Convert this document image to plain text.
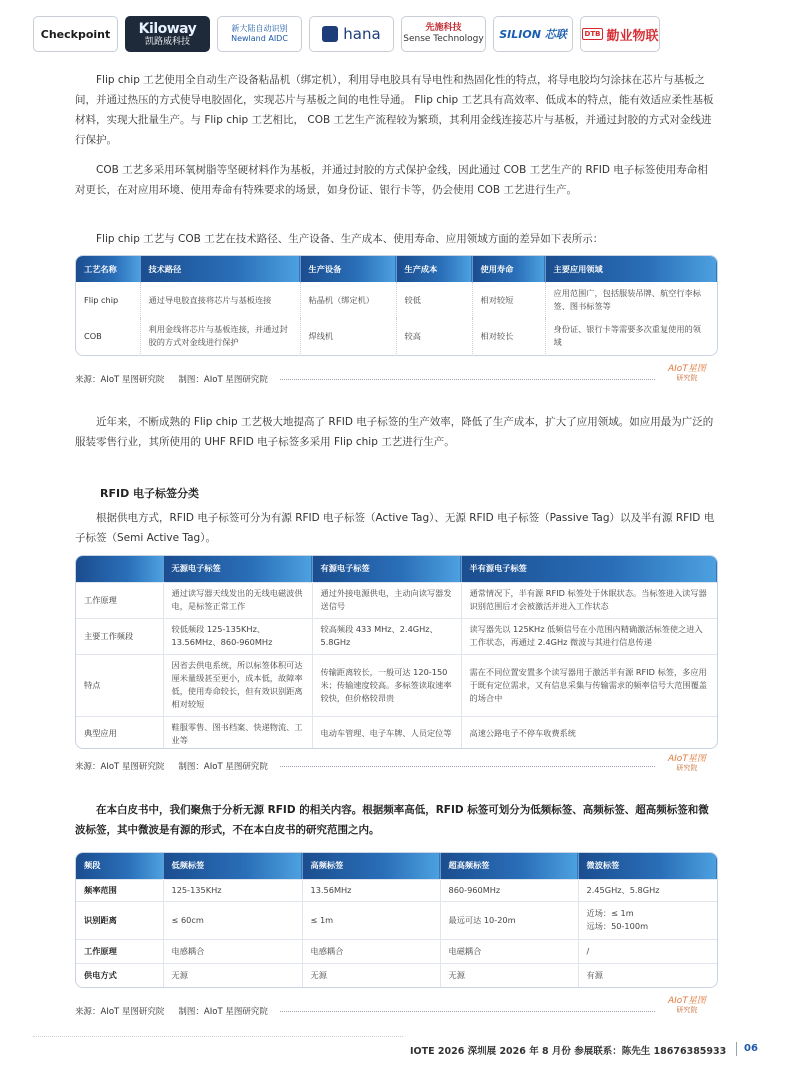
Checkpoint Kiloway
凯路威科技
新大陆自动识别
Newland AIDC	hana	先施科技
Sense Technology SILION 芯联	DTB 勤业物联

Flip chip 工艺使用全自动生产设备粘晶机（绑定机），利用导电胶具有导电性和热固化性的特点，将导电胶均匀涂抹在芯片与基板之间，并通过热压的方式使导电胶固化，实现芯片与基板之间的电性导通。 Flip chip 工艺具有高效率、低成本的特点，能有效适应柔性基板材料，实现大批量生产。与 Flip chip 工艺相比， COB 工艺生产流程较为繁琐，其利用金线连接芯片与基板，并通过封胶的方式对金线进行保护。

COB 工艺多采用环氧树脂等坚硬材料作为基板，并通过封胶的方式保护金线，因此通过 COB 工艺生产的 RFID 电子标签使用寿命相对更长，在对应用环境、使用寿命有特殊要求的场景，如身份证、银行卡等，仍会使用 COB 工艺进行生产。

Flip chip 工艺与 COB 工艺在技术路径、生产设备、生产成本、使用寿命、应用领域方面的差异如下表所示：

工艺名称	技术路径	生产设备	生产成本	使用寿命	主要应用领域
Flip chip	通过导电胶直接将芯片与基板连接	粘晶机（绑定机）	较低	相对较短	应用范围广，包括服装吊牌、航空行李标签、图书标签等
COB	利用金线将芯片与基板连接，并通过封胶的方式对金线进行保护	焊线机	较高	相对较长	身份证、银行卡等需要多次重复使用的领域
来源：AIoT 星图研究院 制图：AIoT 星图研究院
AIoT星图
研究院

近年来，不断成熟的 Flip chip 工艺极大地提高了 RFID 电子标签的生产效率，降低了生产成本，扩大了应用领域。如应用最为广泛的服装零售行业，其所使用的 UHF RFID 电子标签多采用 Flip chip 工艺进行生产。

RFID 电子标签分类

根据供电方式，RFID 电子标签可分为有源 RFID 电子标签（Active Tag）、无源 RFID 电子标签（Passive Tag）以及半有源 RFID 电子标签（Semi Active Tag）。

	无源电子标签	有源电子标签	半有源电子标签
工作原理	通过读写器天线发出的无线电磁波供电，是标签正常工作	通过外接电源供电，主动向读写器发送信号	通常情况下，半有源 RFID 标签处于休眠状态。当标签进入读写器识别范围后才会被激活并进入工作状态
主要工作频段	较低频段 125-135KHz、13.56MHz、860-960MHz	较高频段 433 MHz、2.4GHz、5.8GHz	读写器先以 125KHz 低频信号在小范围内精确激活标签使之进入工作状态，再通过 2.4GHz 微波与其进行信息传递
特点	因省去供电系统，所以标签体积可达厘米量级甚至更小，成本低，故障率低，使用寿命较长，但有效识别距离相对较短	传输距离较长，一般可达 120-150 米；传输速度较高。多标签读取速率较快，但价格较昂贵	需在不同位置安置多个读写器用于激活半有源 RFID 标签，多应用于既有定位需求，又有信息采集与传输需求的频率信号大范围覆盖的场合中
典型应用	鞋服零售、图书档案、快递物流、工业等	电动车管理、电子车牌、人员定位等	高速公路电子不停车收费系统
来源：AIoT 星图研究院 制图：AIoT 星图研究院
AIoT星图
研究院

在本白皮书中，我们聚焦于分析无源 RFID 的相关内容。根据频率高低，RFID 标签可划分为低频标签、高频标签、超高频标签和微波标签，其中微波是有源的形式，不在本白皮书的研究范围之内。

频段	低频标签	高频标签	超高频标签	微波标签
频率范围	125-135KHz	13.56MHz	860-960MHz	2.45GHz、5.8GHz
识别距离	≤ 60cm	≤ 1m	最远可达 10-20m	近场：≤ 1m
远场：50-100m

工作原理	电感耦合	电感耦合	电磁耦合	/
供电方式	无源	无源	无源	有源
来源：AIoT 星图研究院 制图：AIoT 星图研究院
AIoT星图
研究院
IOTE 2026 深圳展 2026 年 8 月份 参展联系：陈先生 18676385933 06
